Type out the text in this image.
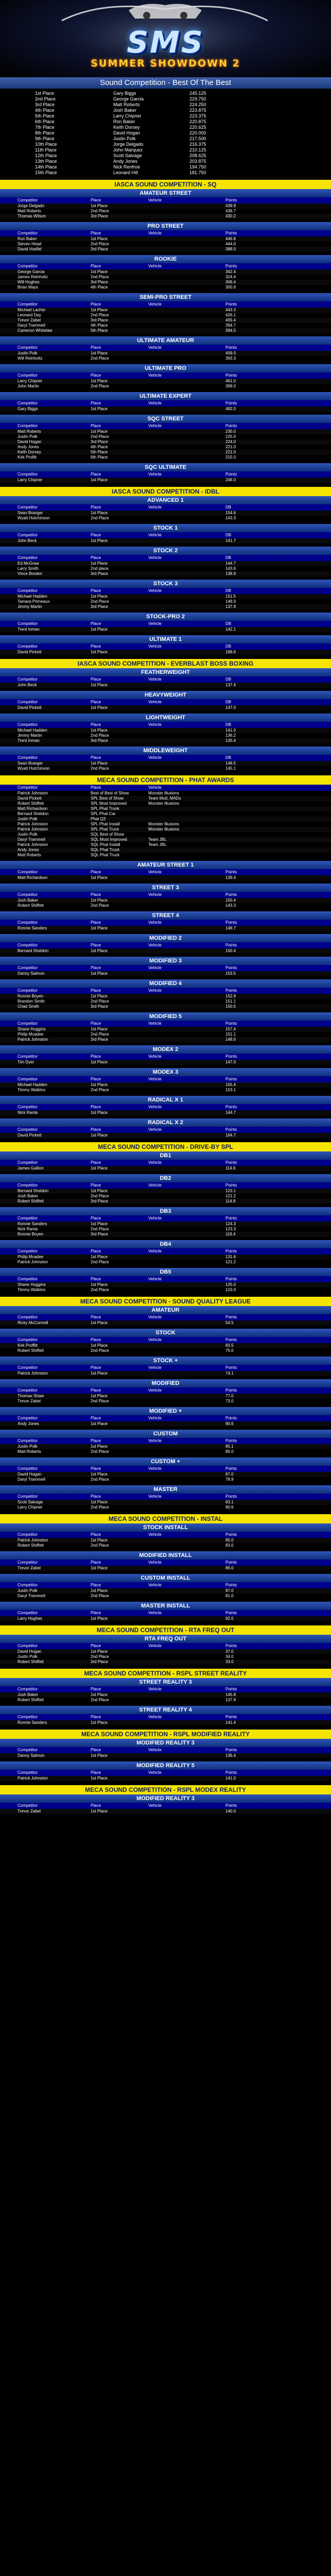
SMS
SUMMER SHOWDOWN 2
Sound Competition - Best Of The Best
1st Place	Gary Biggs	245.125
2nd Place	George Garcia	229.750
3rd Place	Matt Roberts	224.250
4th Place	Josh Baker	223.875
5th Place	Larry Chipner	223.375
6th Place	Ron Baker	220.875
7th Place	Keith Dorsey	220.625
8th Place	David Hogan	220.000
9th Place	Justin Polk	217.500
10th Place	Jorge Delgado	216.375
11th Place	John Marquez	210.125
12th Place	Scott Salvage	208.625
13th Place	Andy Jones	203.875
14th Place	Nick Renfroe	194.750
15th Place	Leonard Hill	181.750
IASCA SOUND COMPETITION - SQ
AMATEUR STREET
Competitor	Place	Vehicle	Points
Jorge Delgado	1st Place	439.9
Matt Roberts	2nd Place	436.7
Thomas Wilson	3rd Place	430.2
PRO STREET
Competitor	Place	Vehicle	Points
Ron Baker	1st Place	446.8
Steven Head	2nd Place	444.0
David Voelfel	3rd Place	388.0
ROOKIE
Competitor	Place	Vehicle	Points
George Garcia	1st Place	342.4
James Reinholtz	2nd Place	324.4
Will Hughes	3rd Place	306.4
Brian Mays	4th Place	300.6
SEMI-PRO STREET
Competitor	Place	Vehicle	Points
Michael Lacher	1st Place	443.3
Leonard Day	2nd Place	426.1
Trevor Zabel	3rd Place	405.4
Daryl Trammell	4th Place	394.7
Cameron Whitelaw	5th Place	394.5
ULTIMATE AMATEUR
Competitor	Place	Vehicle	Points
Justin Polk	1st Place	409.0
Will Reinholtz	2nd Place	393.3
ULTIMATE PRO
Competitor	Place	Vehicle	Points
Larry Chipner	1st Place	461.0
John Martin	2nd Place	399.0
ULTIMATE EXPERT
Competitor	Place	Vehicle	Points
Gary Biggs	1st Place	482.0
SQC STREET
Competitor	Place	Vehicle	Points
Matt Roberts	1st Place	230.0
Justin Polk	2nd Place	225.0
David Hogan	3rd Place	224.0
Andy Jones	4th Place	221.0
Keith Dorsey	5th Place	221.0
Kirk Profitt	6th Place	215.0
SQC ULTIMATE
Competitor	Place	Vehicle	Points
Larry Chipner	1st Place	246.0
IASCA SOUND COMPETITION - IDBL
ADVANCED 1
Competitor	Place	Vehicle	DB
Sean Branger	1st Place	154.6
Wyatt Hutchinson	2nd Place	143.3
STOCK 1
Competitor	Place	Vehicle	DB
John Beck	1st Place	141.7
STOCK 2
Competitor	Place	Vehicle	DB
Ed McGraw	1st Place	144.7
Larry Smith	2nd place	143.6
Vince Borden	3rd Place	138.9
STOCK 3
Competitor	Place	Vehicle	DB
Michael Hadden	1st Place	151.5
Tamara Primeaux	2nd Place	148.9
Jimmy Martin	3rd Place	137.9
STOCK-PRO 2
Competitor	Place	Vehicle	DB
Trent Inman	1st Place	142.1
ULTIMATE 1
Competitor	Place	Vehicle	DB
David Pickett	1st Place	168.6
IASCA SOUND COMPETITION - EVERBLAST BOSS BOXING
FEATHERWEIGHT
Competitor	Place	Vehicle	DB
John Beck	1st Place	137.4
HEAVYWEIGHT
Competitor	Place	Vehicle	DB
David Pickett	1st Place	147.0
LIGHTWEIGHT
Competitor	Place	Vehicle	DB
Michael Hadden	1st Place	141.0
Jimmy Martin	2nd Place	136.2
Trent Inman	3rd Place	135.4
MIDDLEWEIGHT
Competitor	Place	Vehicle	DB
Sean Branger	1st Place	148.5
Wyatt Hutchinson	2nd Place	145.1
MECA SOUND COMPETITION - PHAT AWARDS
Competitor	Place	Vehicle
Patrick Johnston	Best of Best of Show	Monster Illusions
David Pickett	SPL Best of Show	Team Mutt, MADs
Robert Shiffett	SPL Most Improved	Monster Illusions
Matt Richardson	SPL Phat Trunk
Bernard Sheldon	SPL Phat Car
Justin Polk	Phat Q3
Patrick Johnston	SPL Phat Install	Monster Illusions
Patrick Johnston	SPL Phat Truck	Monster Illusions
Justin Polk	SQL Best of Show
Daryl Trammell	SQL Most Improved	Team JBL
Patrick Johnston	SQL Phat Install	Team JBL
Andy Jones	SQL Phat Truck
Matt Roberts	SQL Phat Truck
AMATEUR STREET 1
Competitor	Place	Vehicle	Points
Matt Richardson	1st Place	139.4
STREET 3
Competitor	Place	Vehicle	Points
Josh Baker	1st Place	150.4
Robert Shiffett	2nd Place	143.3
STREET 4
Competitor	Place	Vehicle	Points
Ronnie Sanders	1st Place	148.7
MODIFIED 2
Competitor	Place	Vehicle	Points
Bernard Sheldon	1st Place	150.4
MODIFIED 3
Competitor	Place	Vehicle	Points
Danny Salmon	1st Place	153.5
MODIFIED 4
Competitor	Place	Vehicle	Points
Ronnie Boyen	1st Place	152.9
Brandon Smith	2nd Place	151.1
Chad Smith	3rd Place	150.5
MODIFIED 5
Competitor	Place	Vehicle	Points
Shane Huggins	1st Place	157.4
Philip Mcadee	2nd Place	151.1
Patrick Johnston	3rd Place	148.6
MODEX 2
Competitor	Place	Vehicle	Points
Tim Dyer	1st Place	147.0
MODEX 3
Competitor	Place	Vehicle	Points
Michael Hadden	1st Place	155.4
Timmy Watkins	2nd Place	153.1
RADICAL X 1
Competitor	Place	Vehicle	Points
Nick Ranta	1st Place	144.7
RADICAL X 2
Competitor	Place	Vehicle	Points
David Pickett	1st Place	164.7
MECA SOUND COMPETITION - DRIVE-BY SPL
DB1
Competitor	Place	Vehicle	Points
James Gallion	1st Place	114.6
DB2
Competitor	Place	Vehicle	Points
Bernard Sheldon	1st Place	123.1
Josh Baker	2nd Place	121.2
Robert Shiffett	3rd Place	114.8
DB3
Competitor	Place	Vehicle	Points
Ronnie Sanders	1st Place	124.3
Nick Ranta	2nd Place	123.3
Ronnie Boyen	3rd Place	119.4
DB4
Competitor	Place	Vehicle	Points
Philip Mcadee	1st Place	131.6
Patrick Johnston	2nd Place	121.2
DB5
Competitor	Place	Vehicle	Points
Shane Huggins	1st Place	125.0
Timmy Watkins	2nd Place	123.0
MECA SOUND COMPETITION - SOUND QUALITY LEAGUE
AMATEUR
Competitor	Place	Vehicle	Points
Ricky McConnell	1st Place	54.5
STOCK
Competitor	Place	Vehicle	Points
Kirk Proffitt	1st Place	83.5
Robert Shiffett	2nd Place	75.0
STOCK +
Competitor	Place	Vehicle	Points
Patrick Johnston	1st Place	74.1
MODIFIED
Competitor	Place	Vehicle	Points
Thomas Shaw	1st Place	77.0
Trevor Zabel	2nd Place	73.0
MODIFIED +
Competitor	Place	Vehicle	Points
Andy Jones	1st Place	90.6
CUSTOM
Competitor	Place	Vehicle	Points
Justin Polk	1st Place	85.1
Matt Roberts	2nd Place	85.0
CUSTOM +
Competitor	Place	Vehicle	Points
David Hogan	1st Place	87.0
Daryl Trammell	2nd Place	78.9
MASTER
Competitor	Place	Vehicle	Points
Scott Salvage	1st Place	83.1
Larry Chipner	2nd Place	80.6
MECA SOUND COMPETITION - INSTAL
STOCK INSTALL
Competitor	Place	Vehicle	Points
Patrick Johnston	1st Place	85.0
Robert Shiffett	2nd Place	83.0
MODIFIED INSTALL
Competitor	Place	Vehicle	Points
Trevor Zabel	1st Place	86.0
CUSTOM INSTALL
Competitor	Place	Vehicle	Points
Justin Polk	1st Place	87.0
Daryl Trammell	2nd Place	81.0
MASTER INSTALL
Competitor	Place	Vehicle	Points
Larry Hughes	1st Place	92.0
MECA SOUND COMPETITION - RTA FREQ OUT
RTA FREQ OUT
Competitor	Place	Vehicle	Points
David Hogan	1st Place	37.0
Justin Polk	2nd Place	34.0
Robert Shiffett	3rd Place	33.0
MECA SOUND COMPETITION - RSPL STREET REALITY
STREET REALITY 3
Competitor	Place	Vehicle	Points
Josh Baker	1st Place	145.8
Robert Shiffett	2nd Place	137.9
STREET REALITY 4
Competitor	Place	Vehicle	Points
Ronnie Sanders	1st Place	141.4
MECA SOUND COMPETITION - RSPL MODIFIED REALITY
MODIFIED REALITY 3
Competitor	Place	Vehicle	Points
Danny Salmon	1st Place	136.4
MODIFIED REALITY 5
Competitor	Place	Vehicle	Points
Patrick Johnston	1st Place	141.0
MECA SOUND COMPETITION - RSPL MODEX REALITY
MODIFIED REALITY 3
Competitor	Place	Vehicle	Points
Trevor Zabel	1st Place	140.0
